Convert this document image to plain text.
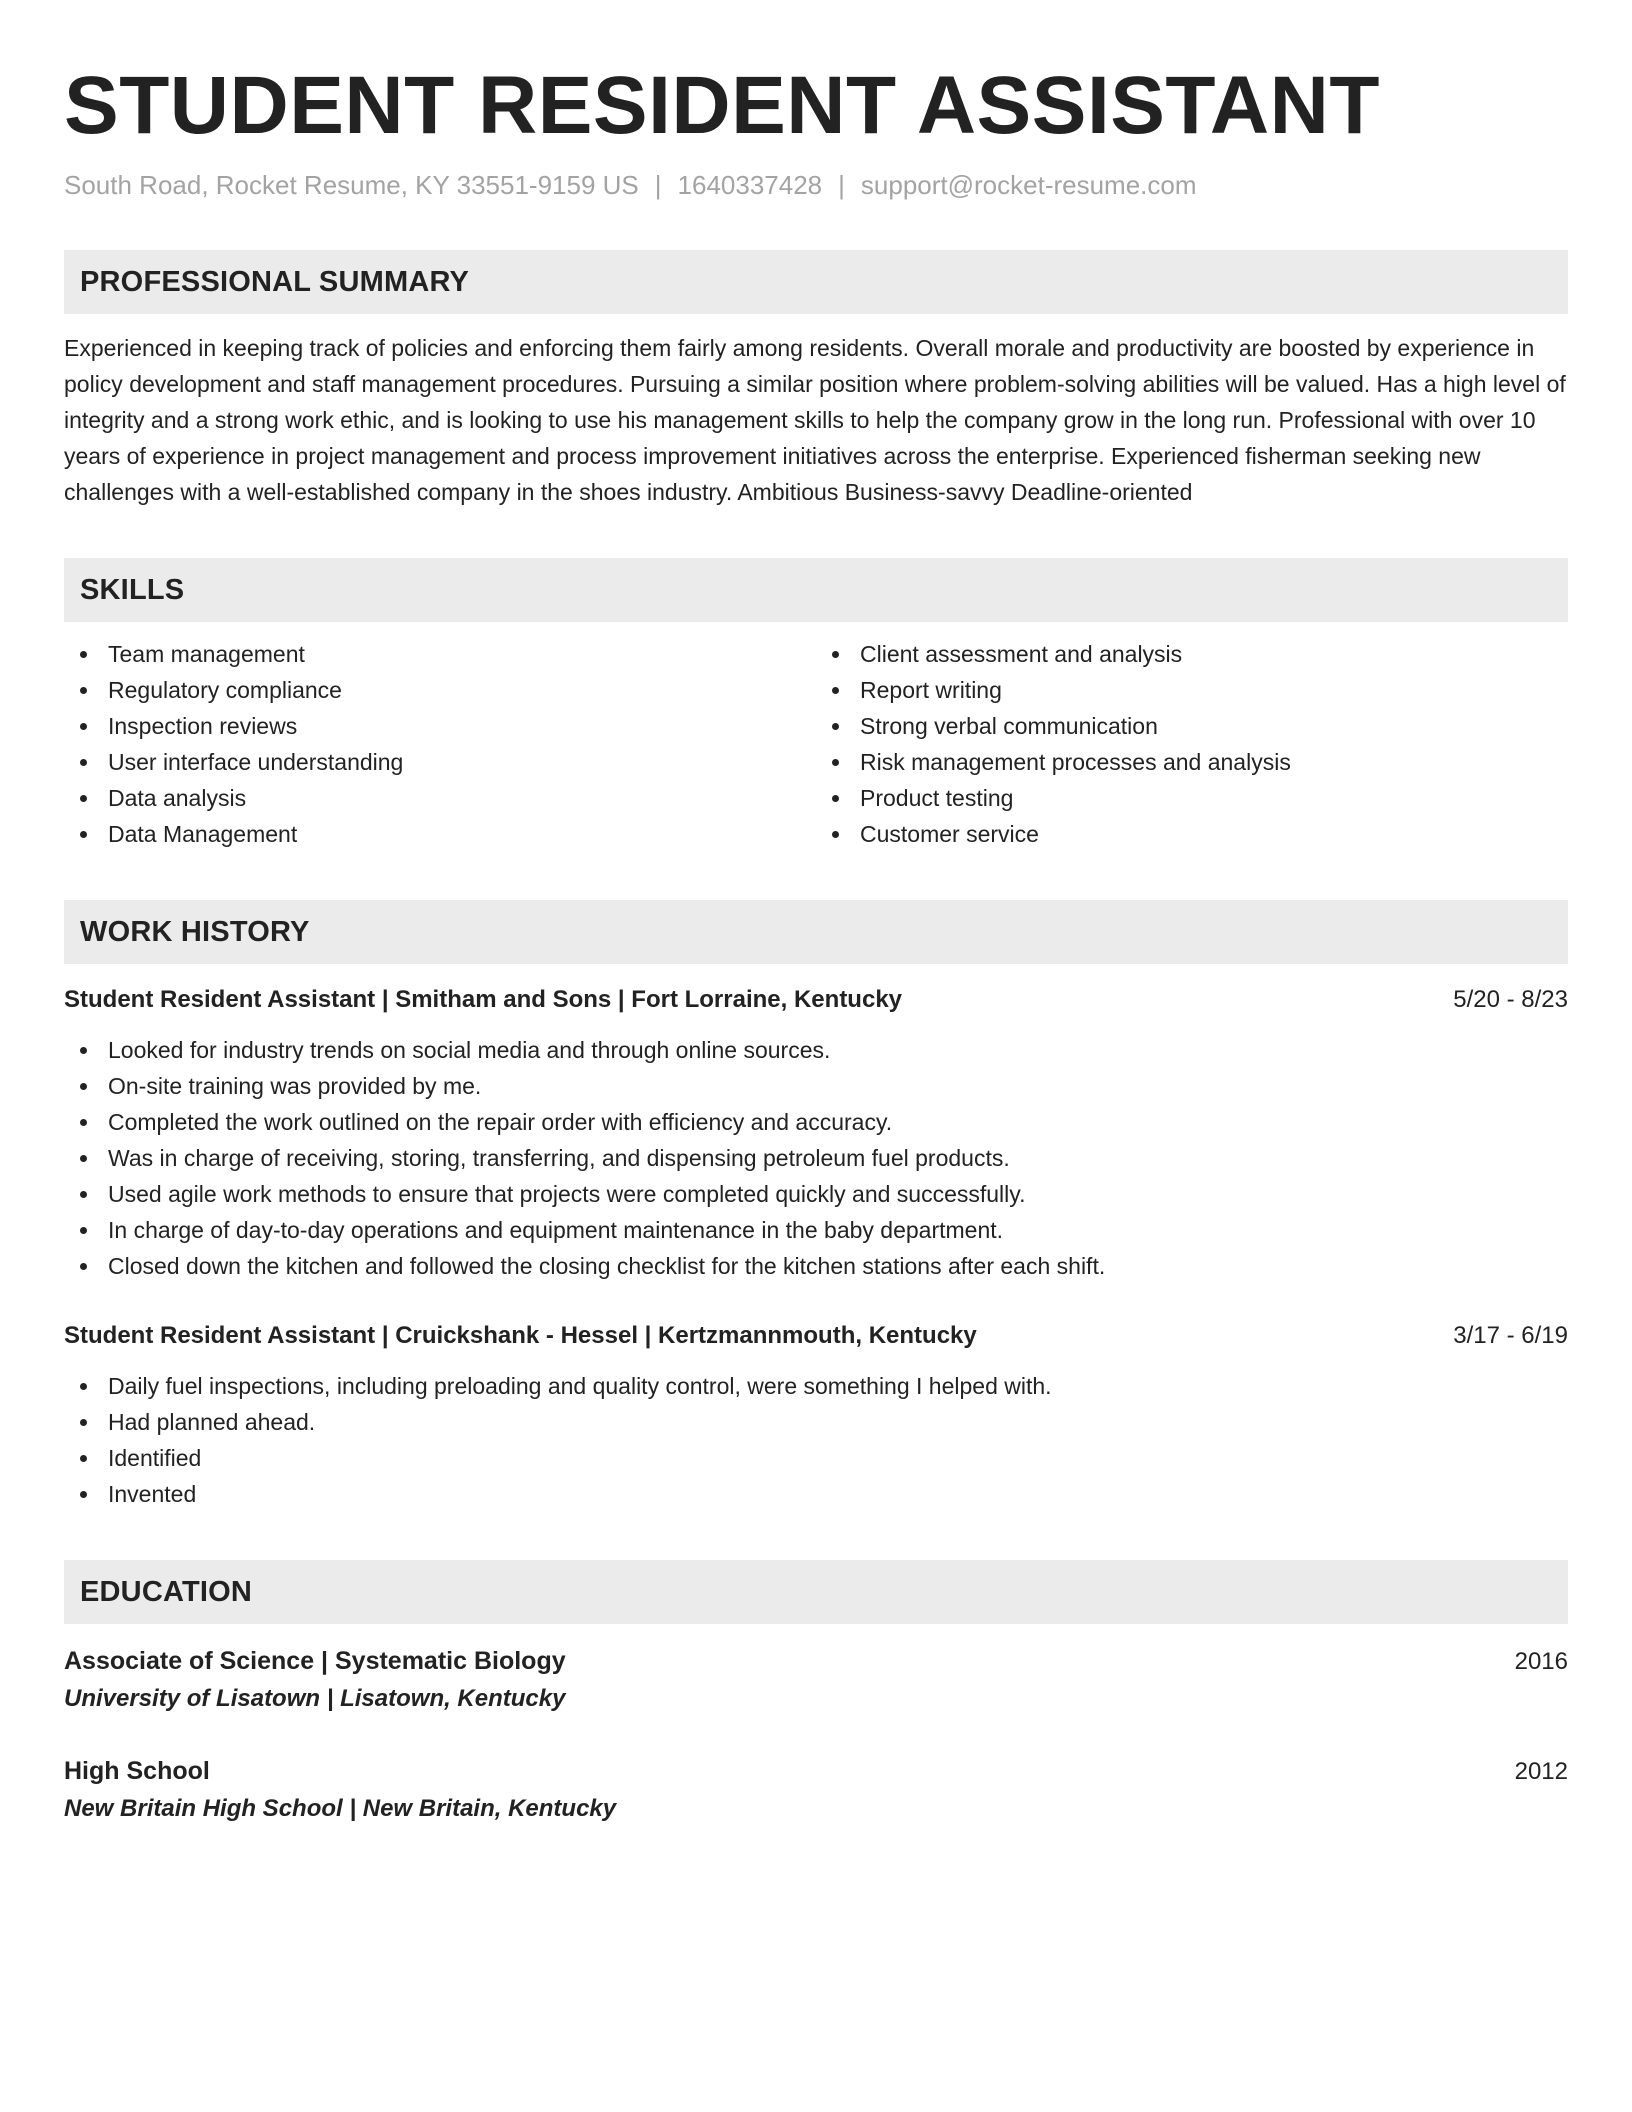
STUDENT RESIDENT ASSISTANT
South Road, Rocket Resume, KY 33551-9159 US | 1640337428 | support@rocket-resume.com
PROFESSIONAL SUMMARY

Experienced in keeping track of policies and enforcing them fairly among residents. Overall morale and productivity are boosted by experience in policy development and staff management procedures. Pursuing a similar position where problem-solving abilities will be valued. Has a high level of integrity and a strong work ethic, and is looking to use his management skills to help the company grow in the long run. Professional with over 10 years of experience in project management and process improvement initiatives across the enterprise. Experienced fisherman seeking new challenges with a well-established company in the shoes industry. Ambitious Business-savvy Deadline-oriented

SKILLS
Team management
Regulatory compliance
Inspection reviews
User interface understanding
Data analysis
Data Management
Client assessment and analysis
Report writing
Strong verbal communication
Risk management processes and analysis
Product testing
Customer service
WORK HISTORY
Student Resident Assistant | Smitham and Sons | Fort Lorraine, Kentucky	5/20 - 8/23
Looked for industry trends on social media and through online sources.
On-site training was provided by me.
Completed the work outlined on the repair order with efficiency and accuracy.
Was in charge of receiving, storing, transferring, and dispensing petroleum fuel products.
Used agile work methods to ensure that projects were completed quickly and successfully.
In charge of day-to-day operations and equipment maintenance in the baby department.
Closed down the kitchen and followed the closing checklist for the kitchen stations after each shift.
Student Resident Assistant | Cruickshank - Hessel | Kertzmannmouth, Kentucky	3/17 - 6/19
Daily fuel inspections, including preloading and quality control, were something I helped with.
Had planned ahead.
Identified
Invented
EDUCATION
Associate of Science | Systematic Biology	2016
University of Lisatown | Lisatown, Kentucky
High School	2012
New Britain High School | New Britain, Kentucky
